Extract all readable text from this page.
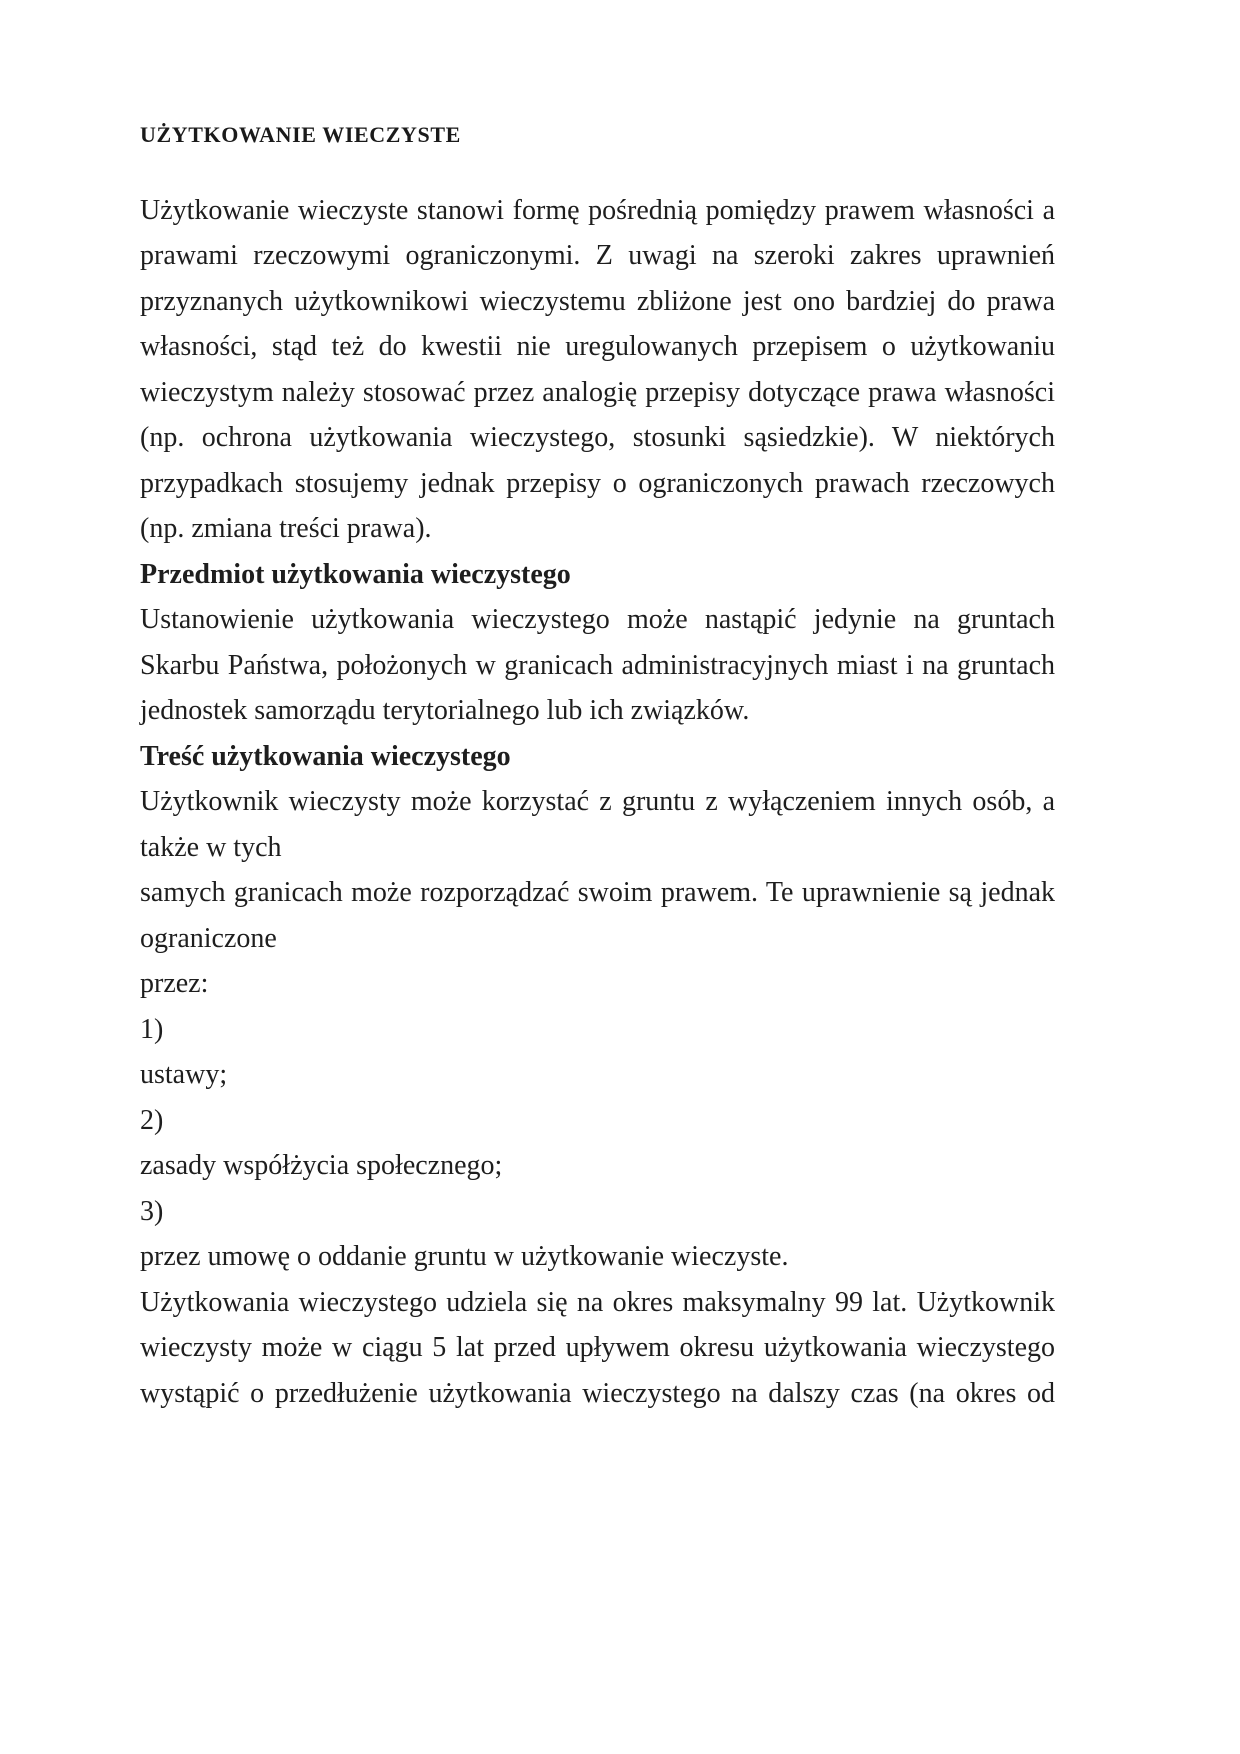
UŻYTKOWANIE WIECZYSTE

Użytkowanie wieczyste stanowi formę pośrednią pomiędzy prawem własności a prawami rzeczowymi ograniczonymi. Z uwagi na szeroki zakres uprawnień przyznanych użytkownikowi wieczystemu zbliżone jest ono bardziej do prawa własności, stąd też do kwestii nie uregulowanych przepisem o użytkowaniu wieczystym należy stosować przez analogię przepisy dotyczące prawa własności (np. ochrona użytkowania wieczystego, stosunki sąsiedzkie). W niektórych przypadkach stosujemy jednak przepisy o ograniczonych prawach rzeczowych (np. zmiana treści prawa).

Przedmiot użytkowania wieczystego

Ustanowienie użytkowania wieczystego może nastąpić jedynie na gruntach Skarbu Państwa, położonych w granicach administracyjnych miast i na gruntach jednostek samorządu terytorialnego lub ich związków.

Treść użytkowania wieczystego

Użytkownik wieczysty może korzystać z gruntu z wyłączeniem innych osób, a także w tych

samych granicach może rozporządzać swoim prawem. Te uprawnienie są jednak ograniczone

przez:

1)

ustawy;

2)

zasady współżycia społecznego;

3)

przez umowę o oddanie gruntu w użytkowanie wieczyste.

Użytkowania wieczystego udziela się na okres maksymalny 99 lat. Użytkownik wieczysty może w ciągu 5 lat przed upływem okresu użytkowania wieczystego wystąpić o przedłużenie użytkowania wieczystego na dalszy czas (na okres od
